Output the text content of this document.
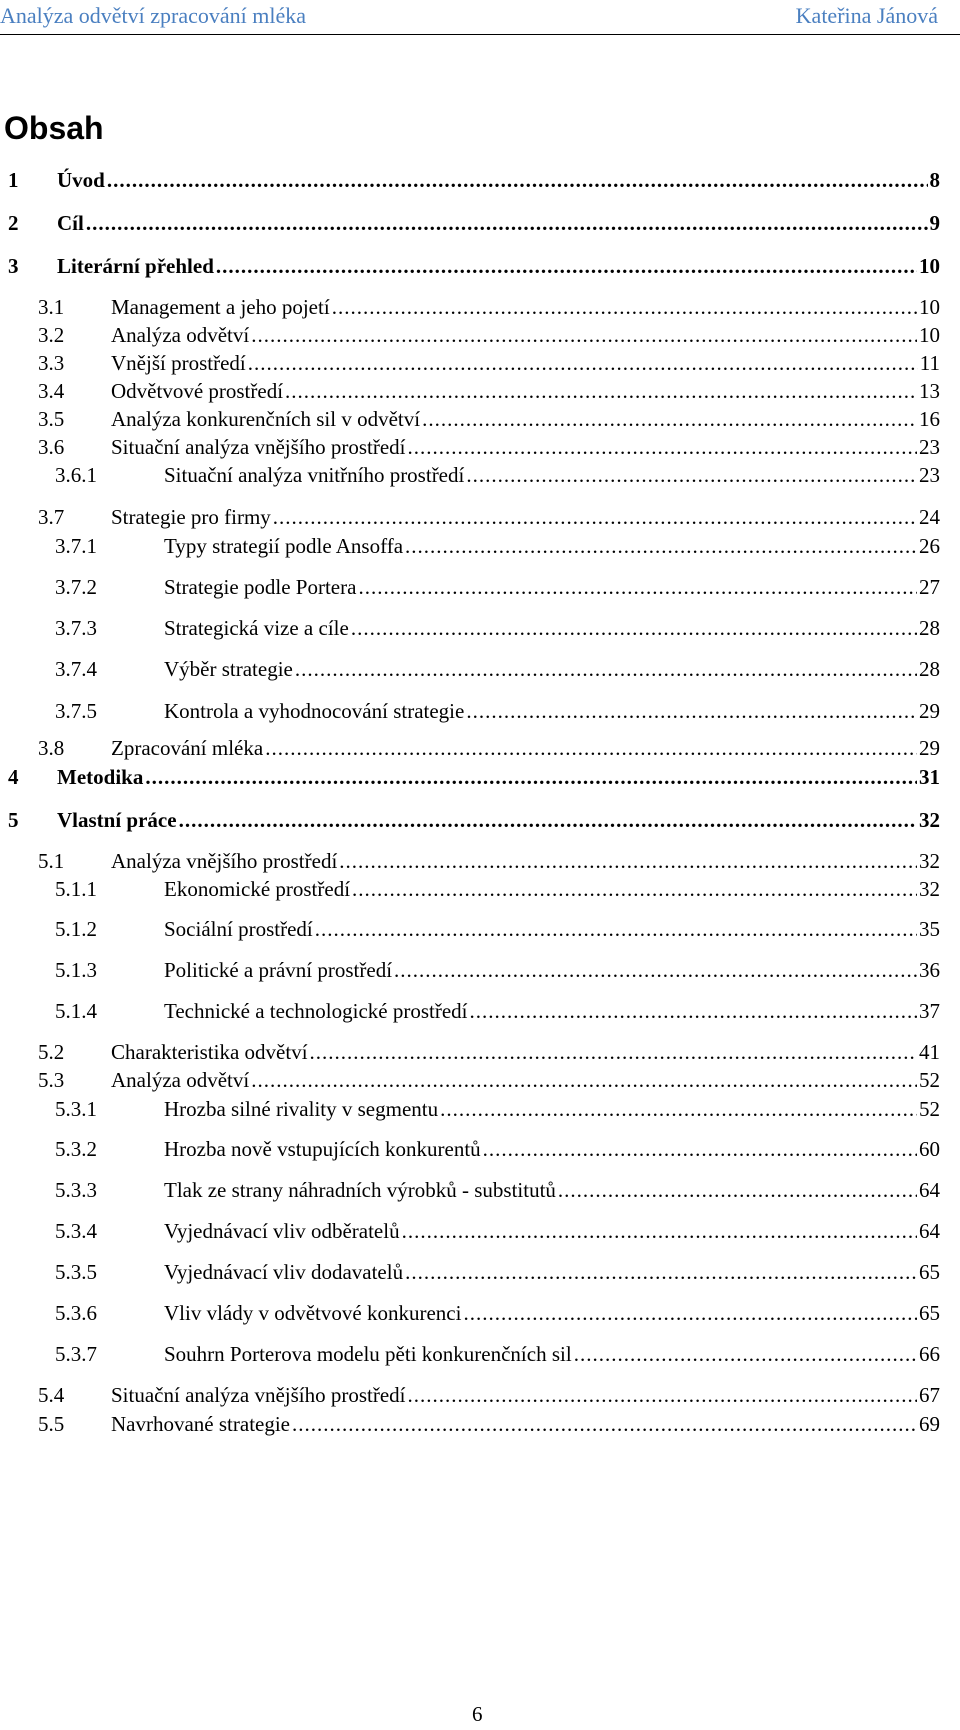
Analýza odvětví zpracování mléka	Kateřina Jánová
Obsah
1 Úvod .....	8
2 Cíl .....	9
3 Literární přehled .....	10
3.1 Management a jeho pojetí .....	10
3.2 Analýza odvětví .....	10
3.3 Vnější prostředí .....	11
3.4 Odvětvové prostředí .....	13
3.5 Analýza konkurenčních sil v odvětví .....	16
3.6 Situační analýza vnějšího prostředí .....	23
3.6.1	Situační analýza vnitřního prostředí .....	23
3.7 Strategie pro firmy .....	24
3.7.1	Typy strategií podle Ansoffa .....	26
3.7.2	Strategie podle Portera .....	27
3.7.3	Strategická vize a cíle .....	28
3.7.4	Výběr strategie .....	28
3.7.5	Kontrola a vyhodnocování strategie .....	29
3.8 Zpracování mléka .....	29
4 Metodika .....	31
5 Vlastní práce .....	32
5.1 Analýza vnějšího prostředí .....	32
5.1.1	Ekonomické prostředí .....	32
5.1.2	Sociální prostředí .....	35
5.1.3	Politické a právní prostředí .....	36
5.1.4	Technické a technologické prostředí .....	37
5.2 Charakteristika odvětví .....	41
5.3 Analýza odvětví .....	52
5.3.1	Hrozba silné rivality v segmentu .....	52
5.3.2	Hrozba nově vstupujících konkurentů .....	60
5.3.3	Tlak ze strany náhradních výrobků - substitutů .....	64
5.3.4	Vyjednávací vliv odběratelů .....	64
5.3.5	Vyjednávací vliv dodavatelů .....	65
5.3.6	Vliv vlády v odvětvové konkurenci .....	65
5.3.7	Souhrn Porterova modelu pěti konkurenčních sil .....	66
5.4 Situační analýza vnějšího prostředí .....	67
5.5 Navrhované strategie .....	69
6
